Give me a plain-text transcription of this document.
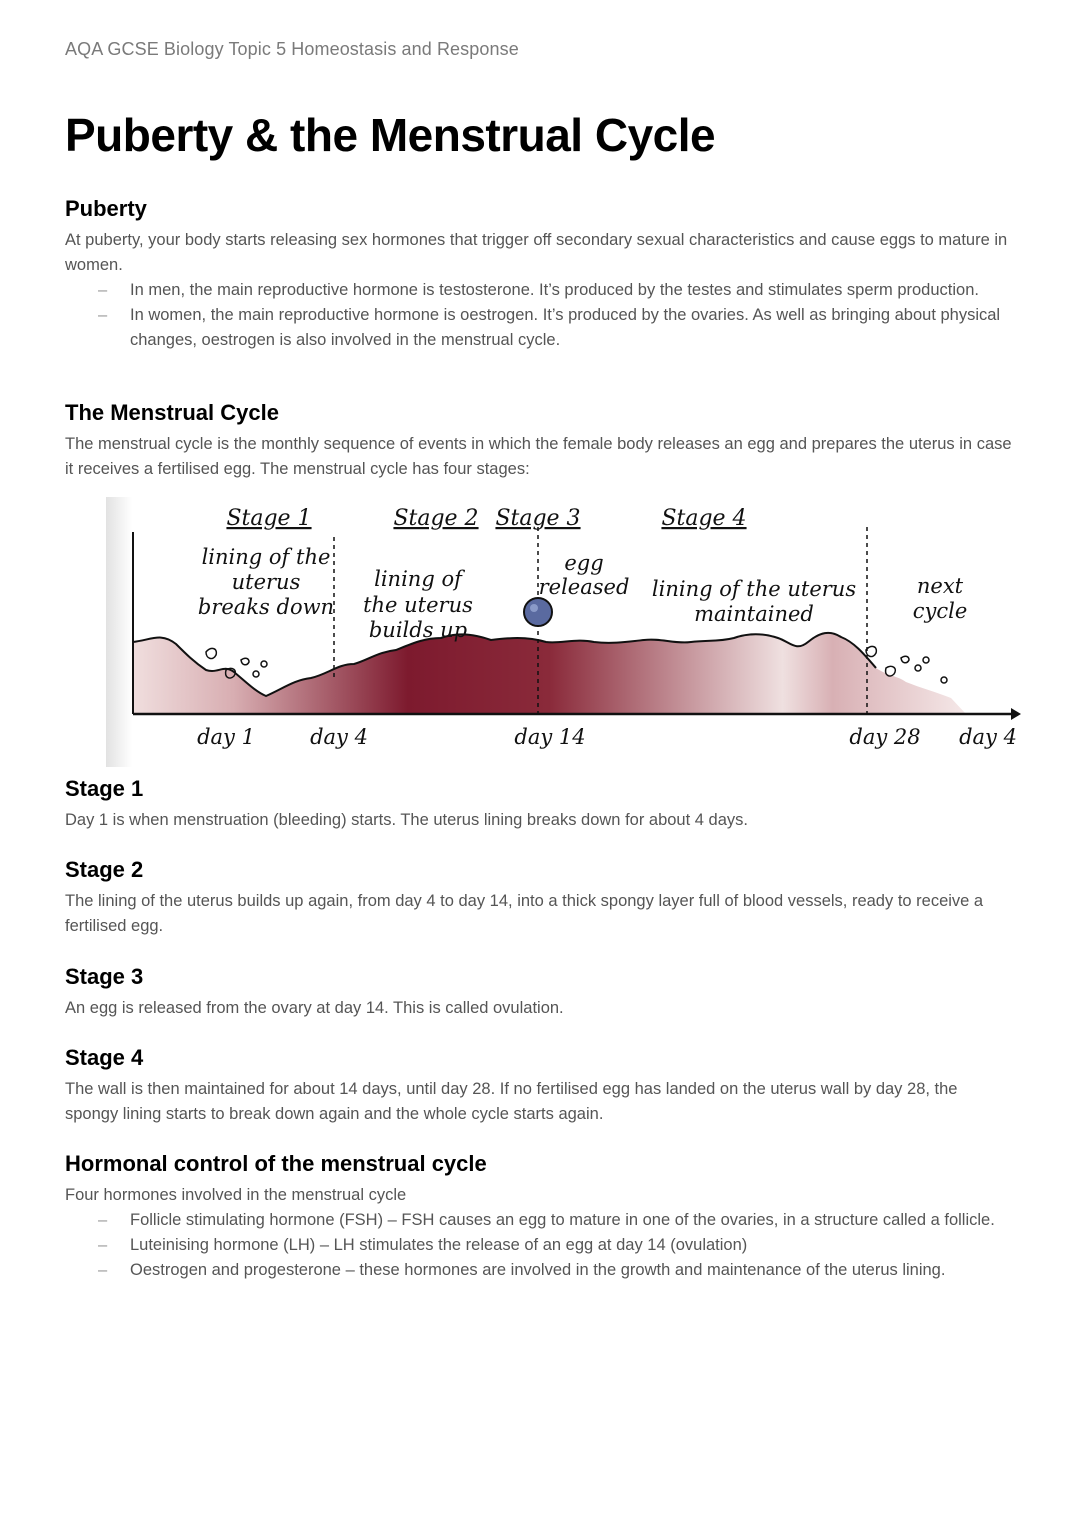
AQA GCSE Biology Topic 5 Homeostasis and Response
Puberty & the Menstrual Cycle
Puberty

At puberty, your body starts releasing sex hormones that trigger off secondary sexual characteristics and cause eggs to mature in women.

– In men, the main reproductive hormone is testosterone. It’s produced by the testes and stimulates sperm production.
– In women, the main reproductive hormone is oestrogen. It’s produced by the ovaries. As well as bringing about physical changes, oestrogen is also involved in the menstrual cycle.
The Menstrual Cycle

The menstrual cycle is the monthly sequence of events in which the female body releases an egg and prepares the uterus in case it receives a fertilised egg. The menstrual cycle has four stages:

Stage 1	Stage 2 Stage 3	Stage 4
lining of the
uterus
breaks down
lining of
the uterus
builds up
egg
released lining of the uterus
maintained
next
cycle
day 1	day 4	day 14	day 28 day 4
Stage 1

Day 1 is when menstruation (bleeding) starts. The uterus lining breaks down for about 4 days.

Stage 2

The lining of the uterus builds up again, from day 4 to day 14, into a thick spongy layer full of blood vessels, ready to receive a fertilised egg.

Stage 3

An egg is released from the ovary at day 14. This is called ovulation.

Stage 4

The wall is then maintained for about 14 days, until day 28. If no fertilised egg has landed on the uterus wall by day 28, the spongy lining starts to break down again and the whole cycle starts again.

Hormonal control of the menstrual cycle

Four hormones involved in the menstrual cycle

– Follicle stimulating hormone (FSH) – FSH causes an egg to mature in one of the ovaries, in a structure called a follicle.
– Luteinising hormone (LH) – LH stimulates the release of an egg at day 14 (ovulation)
– Oestrogen and progesterone – these hormones are involved in the growth and maintenance of the uterus lining.
